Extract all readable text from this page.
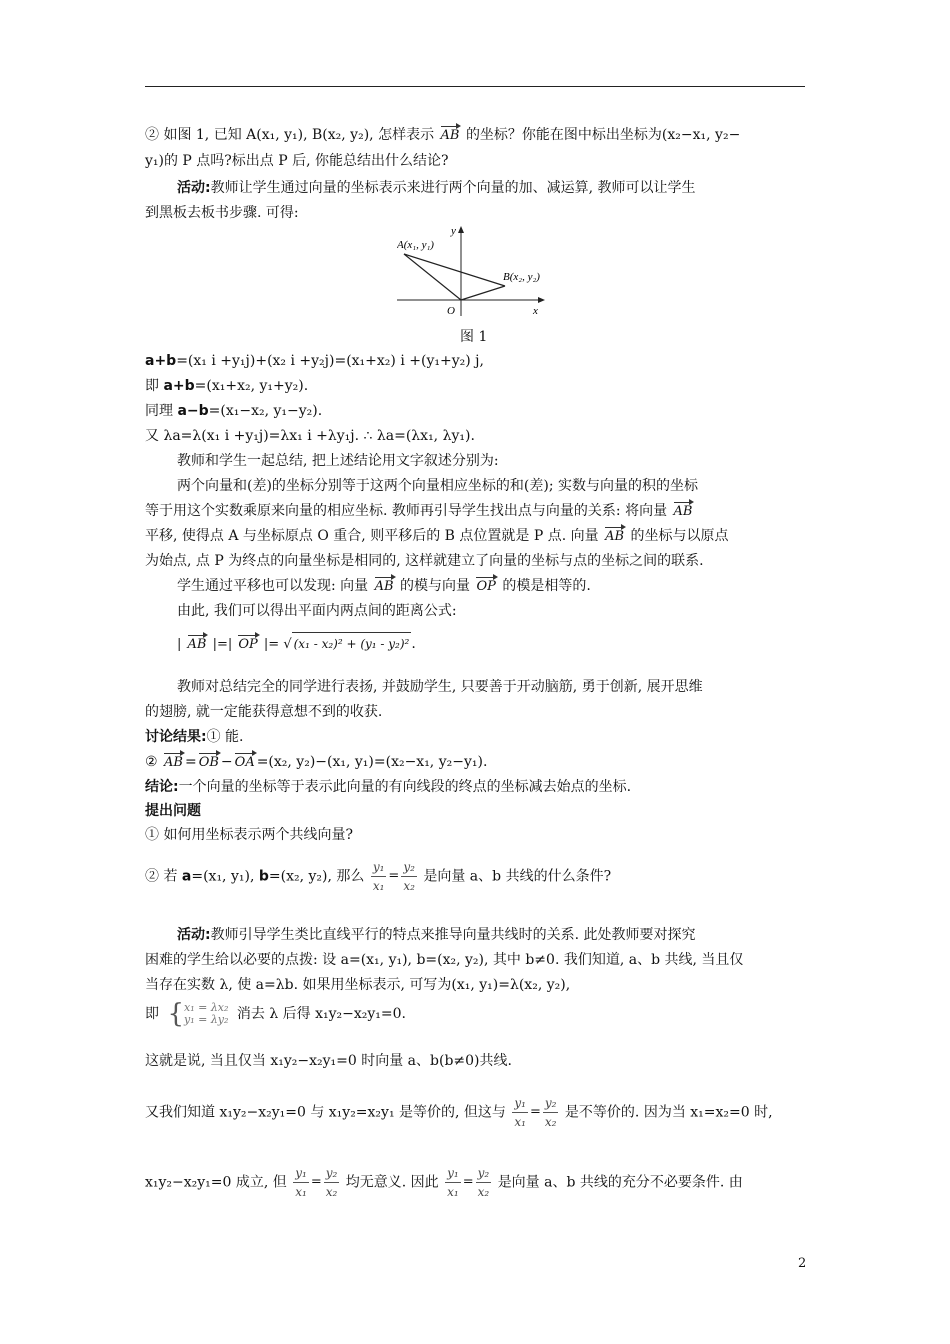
② 如图 1, 已知 A(x₁, y₁), B(x₂, y₂), 怎样表示 AB 的坐标？你能在图中标出坐标为(x₂−x₁, y₂−
y₁)的 P 点吗?标出点 P 后, 你能总结出什么结论?
活动:教师让学生通过向量的坐标表示来进行两个向量的加、减运算, 教师可以让学生
到黑板去板书步骤. 可得:
A(x₁, y₁)
B(x₂, y₂)
O	x
y
图 1
a+b=(x₁ i +y₁j)+(x₂ i +y₂j)=(x₁+x₂) i +(y₁+y₂) j,
即 a+b=(x₁+x₂, y₁+y₂).
同理 a−b=(x₁−x₂, y₁−y₂).
又 λa=λ(x₁ i +y₁j)=λx₁ i +λy₁j. ∴ λa=(λx₁, λy₁).
教师和学生一起总结, 把上述结论用文字叙述分别为:
两个向量和(差)的坐标分别等于这两个向量相应坐标的和(差); 实数与向量的积的坐标
等于用这个实数乘原来向量的相应坐标. 教师再引导学生找出点与向量的关系: 将向量 AB
平移, 使得点 A 与坐标原点 O 重合, 则平移后的 B 点位置就是 P 点. 向量 AB 的坐标与以原点
为始点, 点 P 为终点的向量坐标是相同的, 这样就建立了向量的坐标与点的坐标之间的联系.
学生通过平移也可以发现: 向量 AB 的模与向量 OP 的模是相等的.
由此, 我们可以得出平面内两点间的距离公式:
| AB |=| OP |= √ (x₁ - x₂)² + (y₁ - y₂)² .
教师对总结完全的同学进行表扬, 并鼓励学生, 只要善于开动脑筋, 勇于创新, 展开思维
的翅膀, 就一定能获得意想不到的收获.
讨论结果:① 能.
② AB = OB − OA =(x₂, y₂)−(x₁, y₁)=(x₂−x₁, y₂−y₁).
结论:一个向量的坐标等于表示此向量的有向线段的终点的坐标减去始点的坐标.
提出问题
① 如何用坐标表示两个共线向量?
② 若 a=(x₁, y₁), b=(x₂, y₂), 那么 $\frac{\text{y₁}}{\text{x₁}} = \frac{\text{y₂}}{\text{x₂}}$ 是向量 a、b 共线的什么条件?
活动:教师引导学生类比直线平行的特点来推导向量共线时的关系. 此处教师要对探究
困难的学生给以必要的点拨: 设 a=(x₁, y₁), b=(x₂, y₂), 其中 b≠0. 我们知道, a、b 共线, 当且仅
当存在实数 λ, 使 a=λb. 如果用坐标表示, 可写为(x₁, y₁)=λ(x₂, y₂),
即 { x₁ = λx₂
y₁ = λy₂ 消去 λ 后得 x₁y₂−x₂y₁=0.
这就是说, 当且仅当 x₁y₂−x₂y₁=0 时向量 a、b(b≠0)共线.
又我们知道 x₁y₂−x₂y₁=0 与 x₁y₂=x₂y₁ 是等价的, 但这与 $\frac{\text{y₁}}{\text{x₁}} = \frac{\text{y₂}}{\text{x₂}}$ 是不等价的. 因为当 x₁=x₂=0 时,
x₁y₂−x₂y₁=0 成立, 但 $\frac{\text{y₁}}{\text{x₁}} = \frac{\text{y₂}}{\text{x₂}}$ 均无意义. 因此 $\frac{\text{y₁}}{\text{x₁}} = \frac{\text{y₂}}{\text{x₂}}$ 是向量 a、b 共线的充分不必要条件. 由
2
